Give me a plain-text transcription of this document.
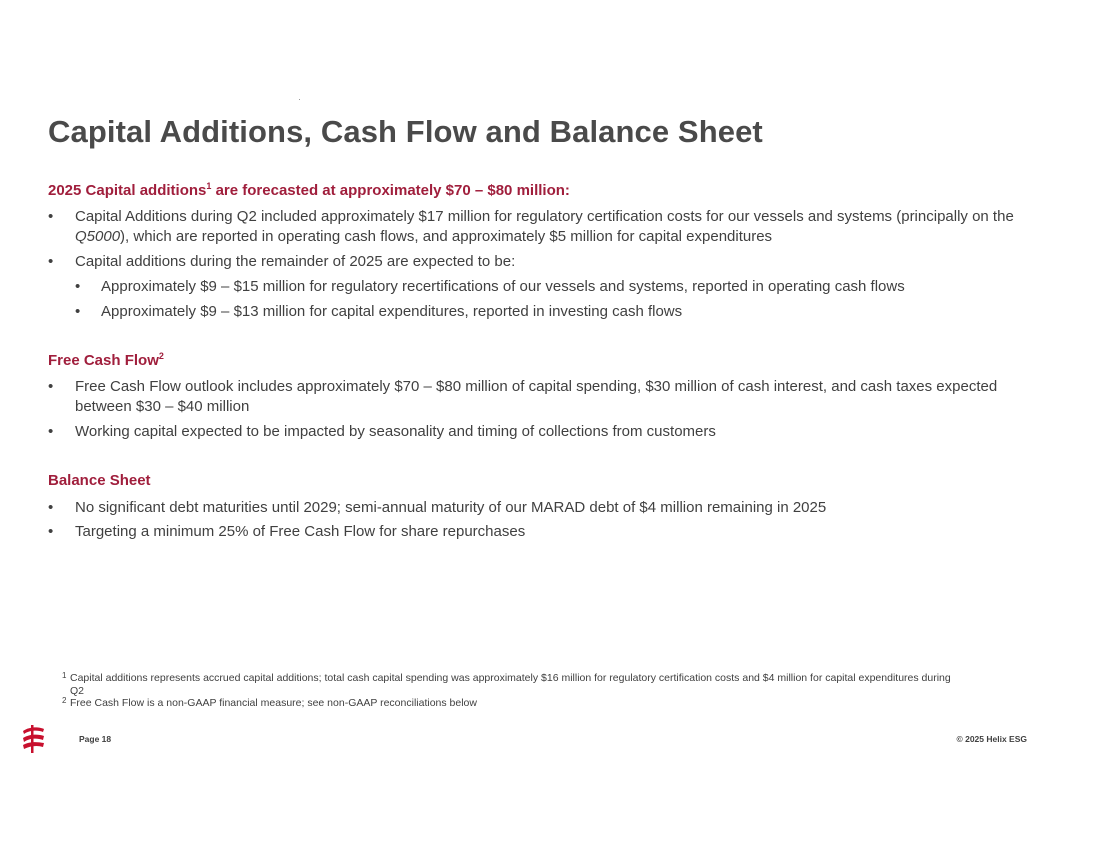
Capital Additions, Cash Flow and Balance Sheet
2025 Capital additions$^1$ are forecasted at approximately $70 – $80 million:
•	Capital Additions during Q2 included approximately $17 million for regulatory certification costs for our vessels and systems (principally on the Q5000), which are reported in operating cash flows, and approximately $5 million for capital expenditures
•	Capital additions during the remainder of 2025 are expected to be:
•	Approximately $9 – $15 million for regulatory recertifications of our vessels and systems, reported in operating cash flows
•	Approximately $9 – $13 million for capital expenditures, reported in investing cash flows
Free Cash Flow$^2$
•	Free Cash Flow outlook includes approximately $70 – $80 million of capital spending, $30 million of cash interest, and cash taxes expected between $30 – $40 million
•	Working capital expected to be impacted by seasonality and timing of collections from customers
Balance Sheet
•	No significant debt maturities until 2029; semi-annual maturity of our MARAD debt of $4 million remaining in 2025
•	Targeting a minimum 25% of Free Cash Flow for share repurchases
1 Capital additions represents accrued capital additions; total cash capital spending was approximately $16 million for regulatory certification costs and $4 million for capital expenditures during Q2
2 Free Cash Flow is a non-GAAP financial measure; see non-GAAP reconciliations below
Page 18	© 2025 Helix ESG
